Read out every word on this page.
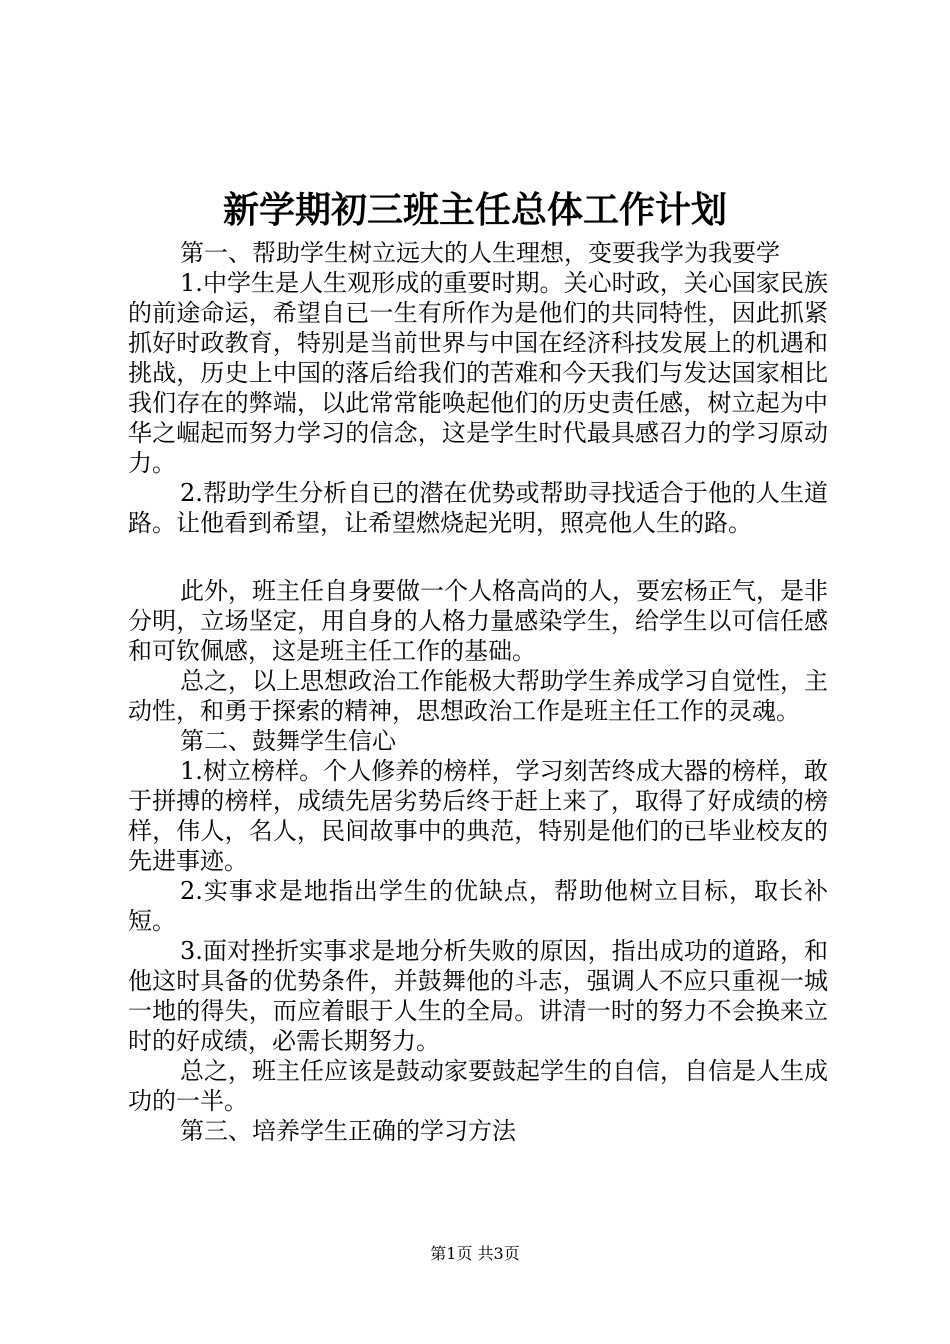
新学期初三班主任总体工作计划

第一、帮助学生树立远大的人生理想，变要我学为我要学

1.中学生是人生观形成的重要时期。关心时政，关心国家民族的前途命运，希望自已一生有所作为是他们的共同特性，因此抓紧抓好时政教育，特别是当前世界与中国在经济科技发展上的机遇和挑战，历史上中国的落后给我们的苦难和今天我们与发达国家相比我们存在的弊端，以此常常能唤起他们的历史责任感，树立起为中华之崛起而努力学习的信念，这是学生时代最具感召力的学习原动力。

2.帮助学生分析自已的潜在优势或帮助寻找适合于他的人生道路。让他看到希望，让希望燃烧起光明，照亮他人生的路。

此外，班主任自身要做一个人格高尚的人，要宏杨正气，是非分明，立场坚定，用自身的人格力量感染学生，给学生以可信任感和可钦佩感，这是班主任工作的基础。

总之，以上思想政治工作能极大帮助学生养成学习自觉性，主动性，和勇于探索的精神，思想政治工作是班主任工作的灵魂。

第二、鼓舞学生信心

1.树立榜样。个人修养的榜样，学习刻苦终成大器的榜样，敢于拼搏的榜样，成绩先居劣势后终于赶上来了，取得了好成绩的榜样，伟人，名人，民间故事中的典范，特别是他们的已毕业校友的先进事迹。

2.实事求是地指出学生的优缺点，帮助他树立目标，取长补短。

3.面对挫折实事求是地分析失败的原因，指出成功的道路，和他这时具备的优势条件，并鼓舞他的斗志，强调人不应只重视一城一地的得失，而应着眼于人生的全局。讲清一时的努力不会换来立时的好成绩，必需长期努力。

总之，班主任应该是鼓动家要鼓起学生的自信，自信是人生成功的一半。

第三、培养学生正确的学习方法

第1页 共3页
